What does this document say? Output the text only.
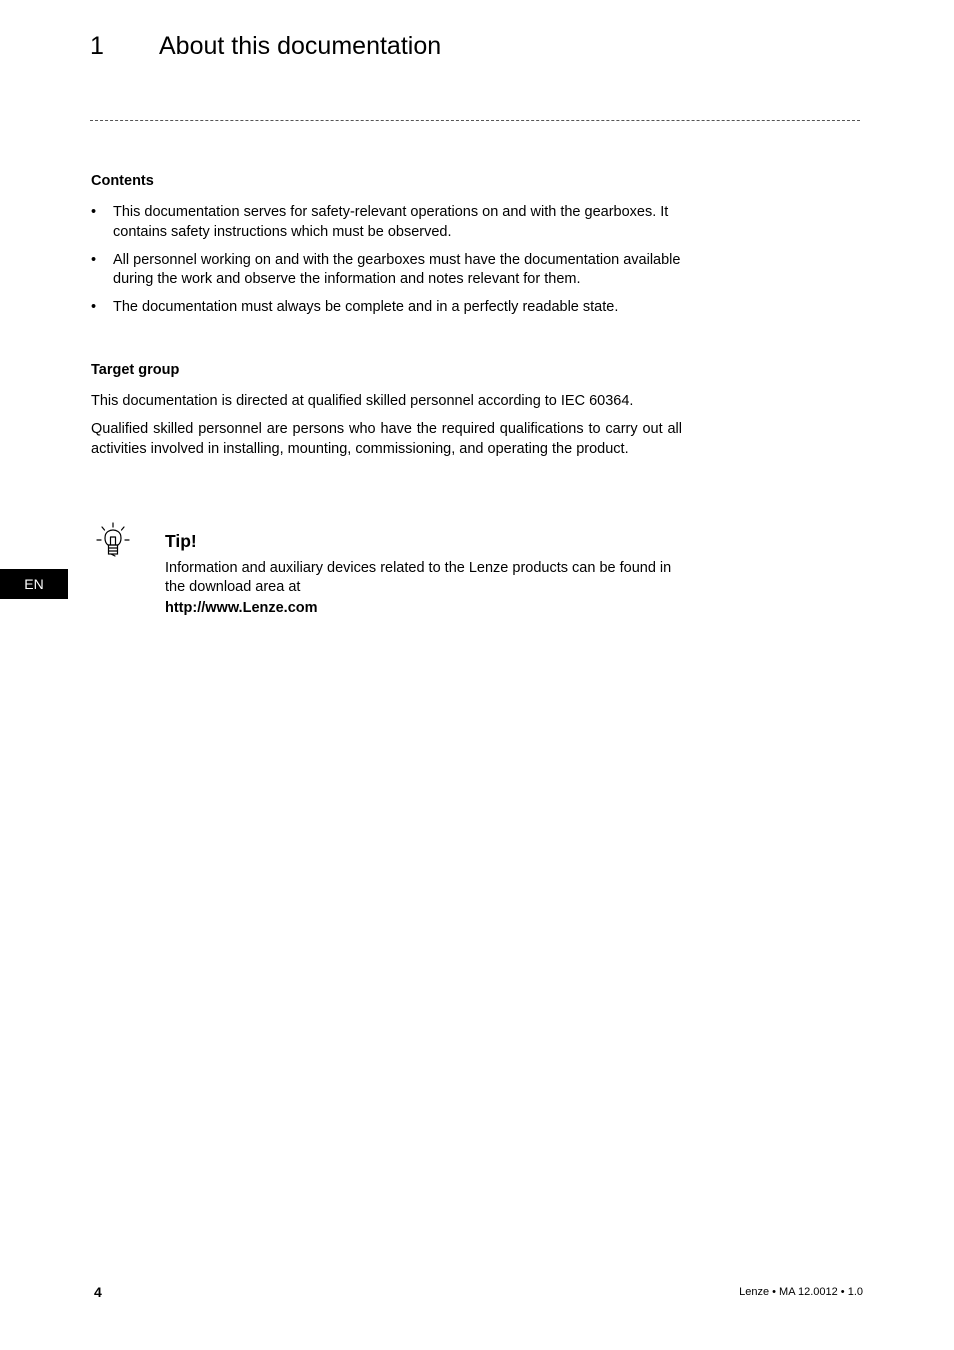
1 About this documentation
Contents
• This documentation serves for safety-relevant operations on and with the gearboxes. It contains safety instructions which must be observed.
• All personnel working on and with the gearboxes must have the documentation available during the work and observe the information and notes relevant for them.
• The documentation must always be complete and in a perfectly readable state.
Target group

This documentation is directed at qualified skilled personnel according to IEC 60364.

Qualified skilled personnel are persons who have the required qualifications to carry out all activities involved in installing, mounting, commissioning, and operating the product.

Tip!

Information and auxiliary devices related to the Lenze products can be found in the download area at

http://www.Lenze.com
EN
4	Lenze • MA 12.0012 • 1.0
